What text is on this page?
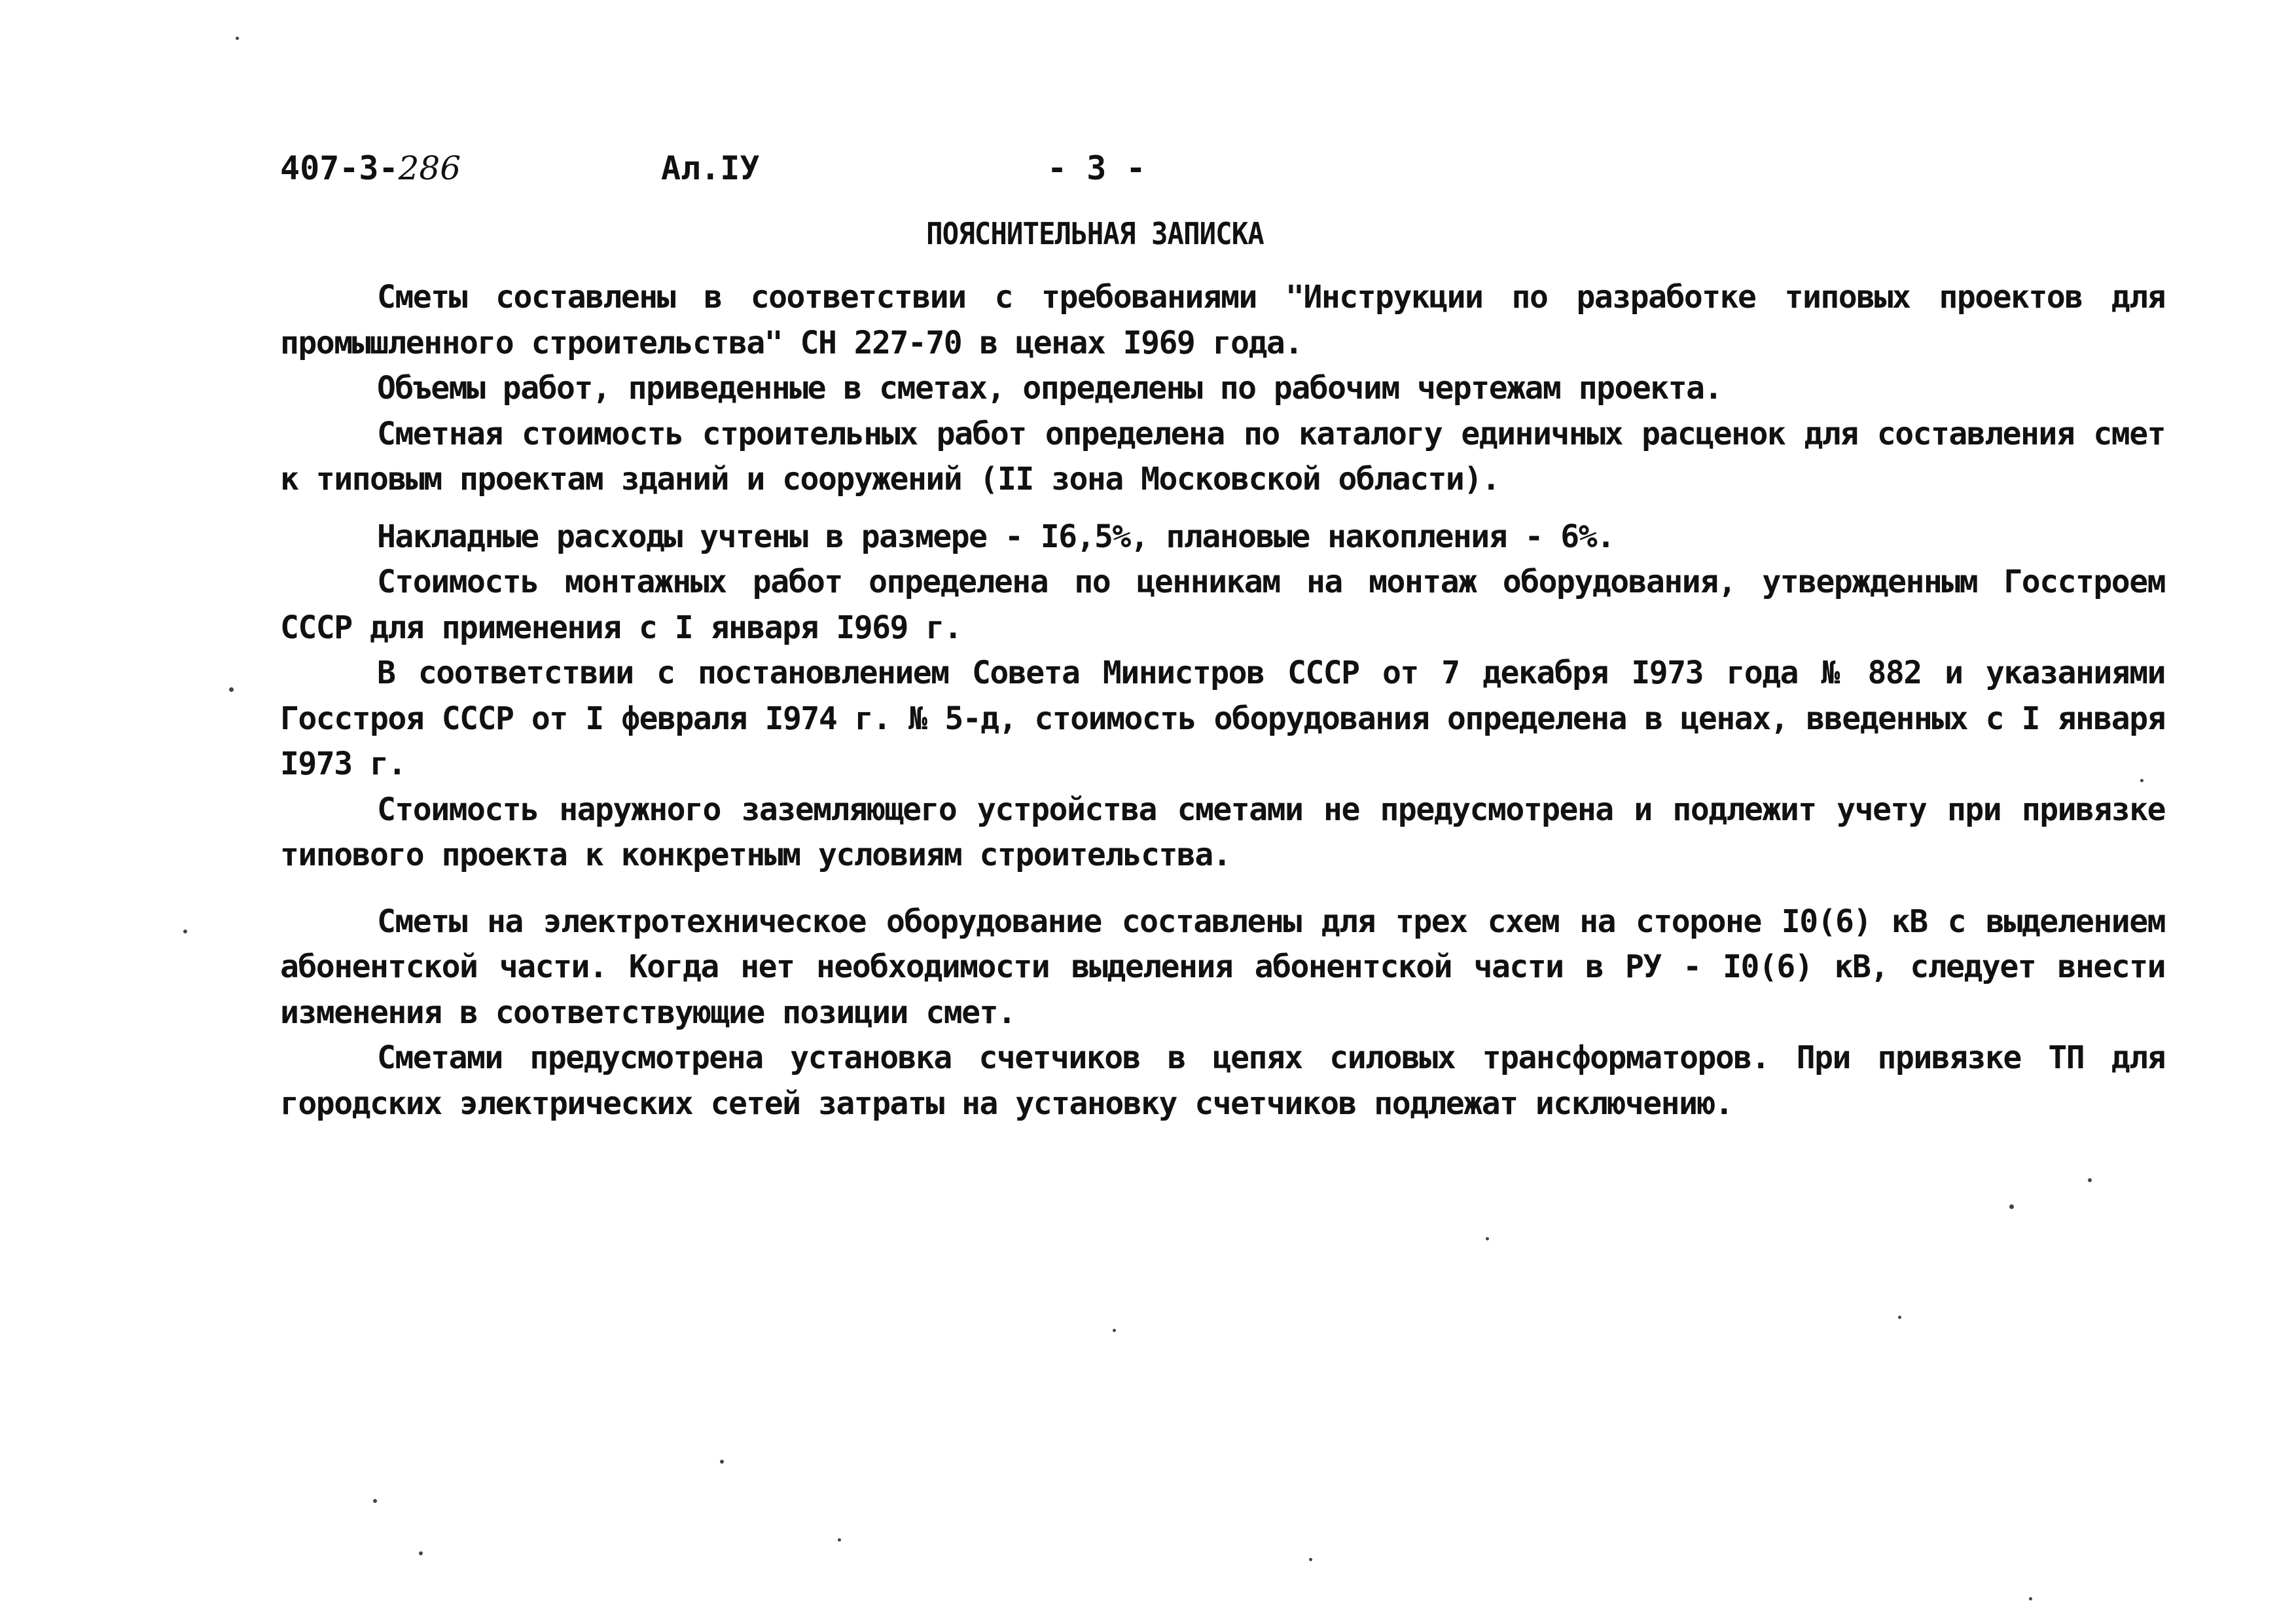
407-3-286	Ал.IУ	- 3 -
ПОЯСНИТЕЛЬНАЯ ЗАПИСКА

Сметы составлены в соответствии с требованиями "Инструкции по разработке типовых проектов для промышленного строительства" СН 227-70 в ценах I969 года.

Объемы работ, приведенные в сметах, определены по рабочим чертежам проекта.

Сметная стоимость строительных работ определена по каталогу единичных расценок для составления смет к типовым проектам зданий и сооружений (II зона Московской области).

Накладные расходы учтены в размере - I6,5%, плановые накопления - 6%.

Стоимость монтажных работ определена по ценникам на монтаж оборудования, утвержденным Госстроем СССР для применения с I января I969 г.

В соответствии с постановлением Совета Министров СССР от 7 декабря I973 года № 882 и указаниями Госстроя СССР от I февраля I974 г. № 5-д, стоимость оборудования определена в ценах, введенных с I января I973 г.

Стоимость наружного заземляющего устройства сметами не предусмотрена и подлежит учету при привязке типового проекта к конкретным условиям строительства.

Сметы на электротехническое оборудование составлены для трех схем на стороне I0(6) кВ с выделением абонентской части. Когда нет необходимости выделения абонентской части в РУ - I0(6) кВ, следует внести изменения в соответствующие позиции смет.

Сметами предусмотрена установка счетчиков в цепях силовых трансформаторов. При привязке ТП для городских электрических сетей затраты на установку счетчиков подлежат исключению.
